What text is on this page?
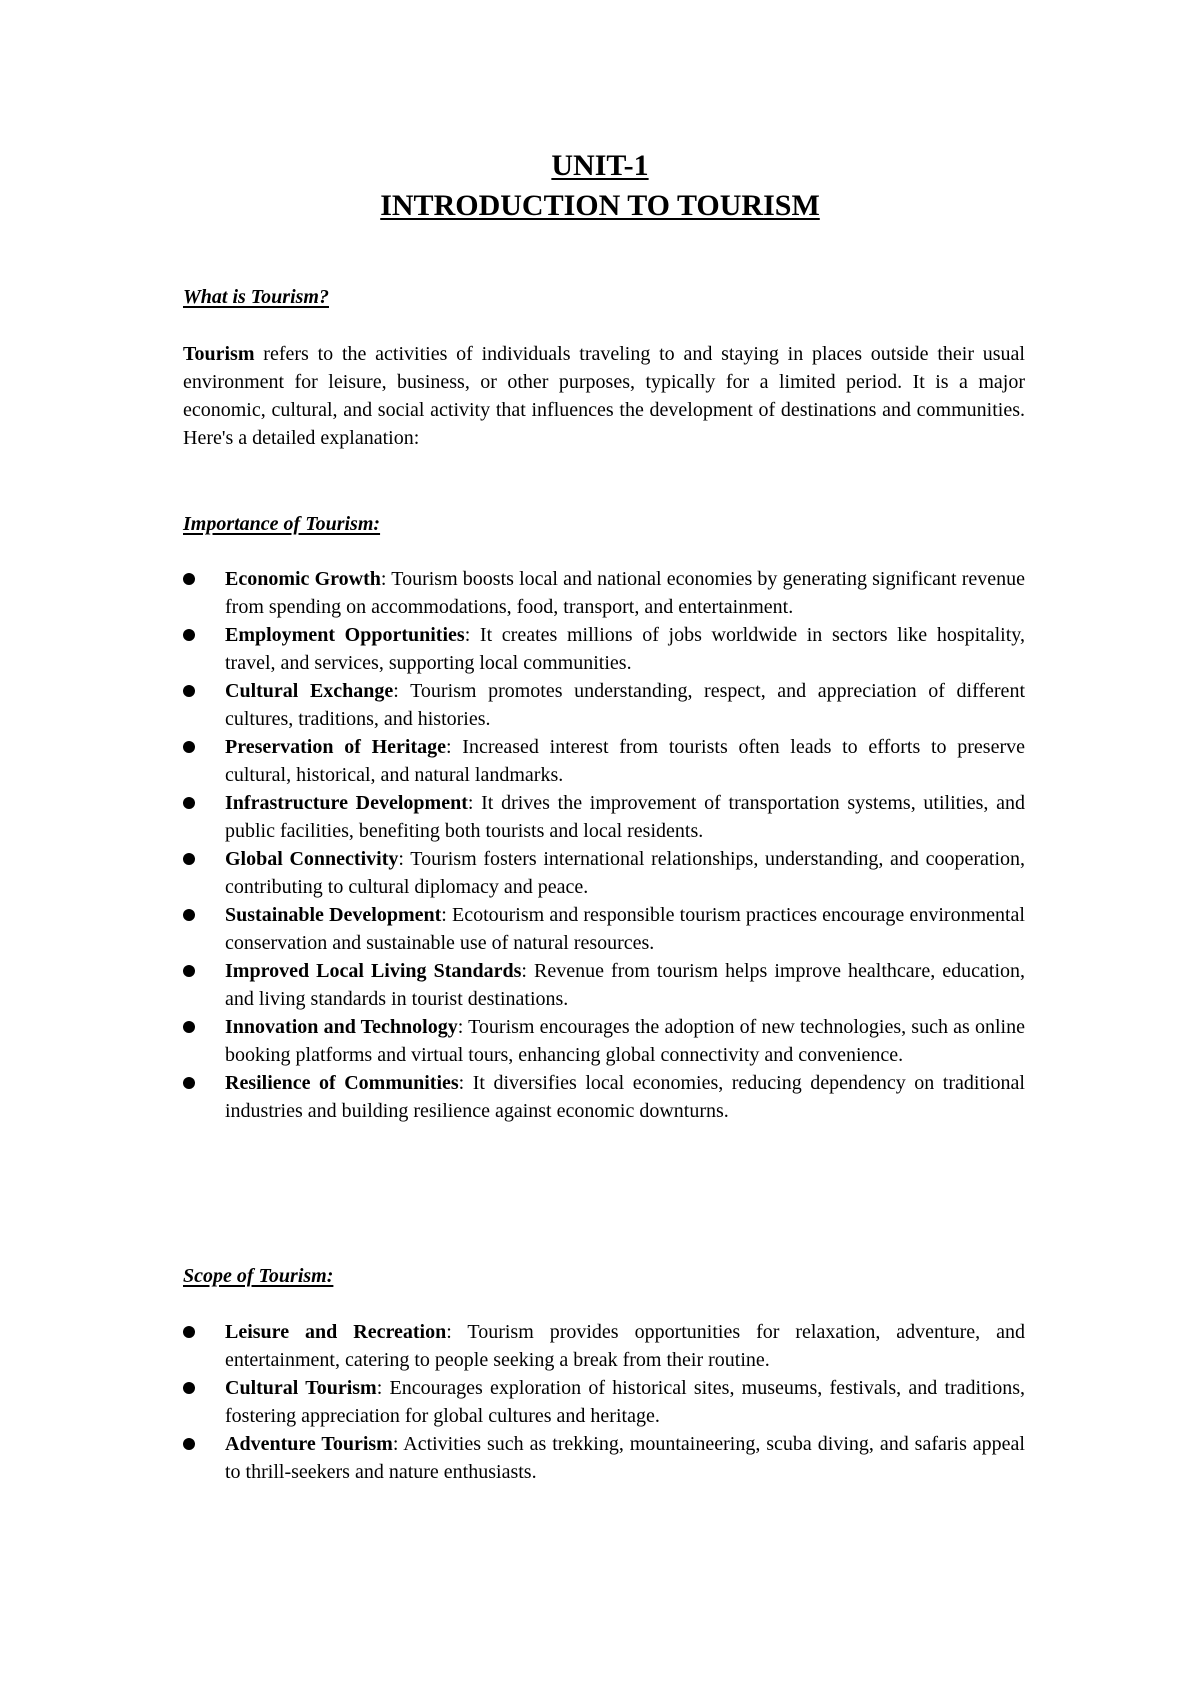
UNIT-1
INTRODUCTION TO TOURISM

What is Tourism?

Tourism refers to the activities of individuals traveling to and staying in places outside their usual environment for leisure, business, or other purposes, typically for a limited period. It is a major economic, cultural, and social activity that influences the development of destinations and communities. Here's a detailed explanation:

Importance of Tourism:

Economic Growth: Tourism boosts local and national economies by generating significant revenue from spending on accommodations, food, transport, and entertainment.
Employment Opportunities: It creates millions of jobs worldwide in sectors like hospitality, travel, and services, supporting local communities.
Cultural Exchange: Tourism promotes understanding, respect, and appreciation of different cultures, traditions, and histories.
Preservation of Heritage: Increased interest from tourists often leads to efforts to preserve cultural, historical, and natural landmarks.
Infrastructure Development: It drives the improvement of transportation systems, utilities, and public facilities, benefiting both tourists and local residents.
Global Connectivity: Tourism fosters international relationships, understanding, and cooperation, contributing to cultural diplomacy and peace.
Sustainable Development: Ecotourism and responsible tourism practices encourage environmental conservation and sustainable use of natural resources.
Improved Local Living Standards: Revenue from tourism helps improve healthcare, education, and living standards in tourist destinations.
Innovation and Technology: Tourism encourages the adoption of new technologies, such as online booking platforms and virtual tours, enhancing global connectivity and convenience.
Resilience of Communities: It diversifies local economies, reducing dependency on traditional industries and building resilience against economic downturns.

Scope of Tourism:

Leisure and Recreation: Tourism provides opportunities for relaxation, adventure, and entertainment, catering to people seeking a break from their routine.
Cultural Tourism: Encourages exploration of historical sites, museums, festivals, and traditions, fostering appreciation for global cultures and heritage.
Adventure Tourism: Activities such as trekking, mountaineering, scuba diving, and safaris appeal to thrill-seekers and nature enthusiasts.
